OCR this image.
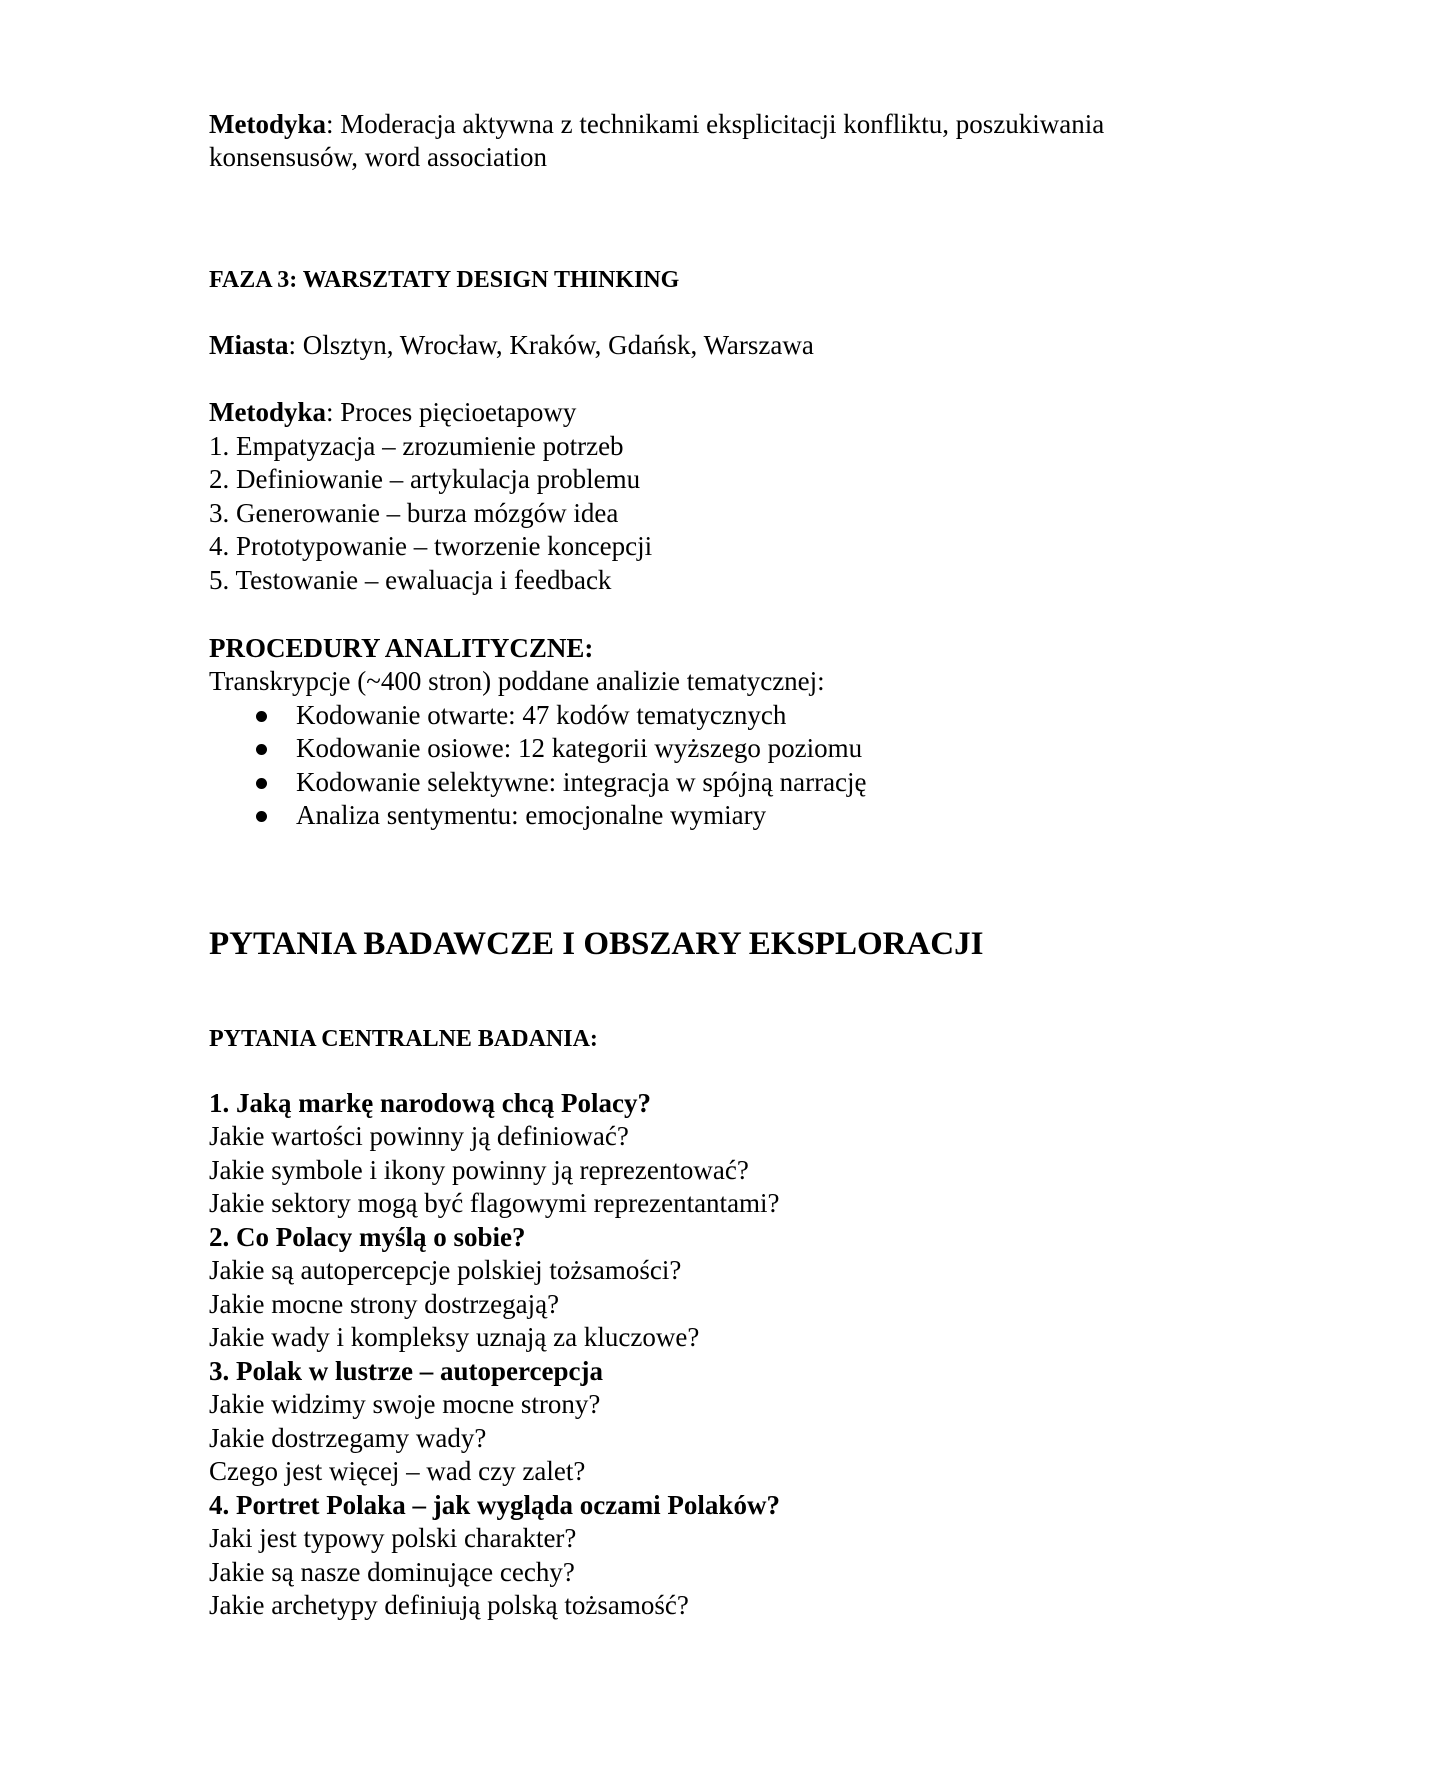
Metodyka: Moderacja aktywna z technikami eksplicitacji konfliktu, poszukiwania
konsensusów, word association
FAZA 3: WARSZTATY DESIGN THINKING
Miasta: Olsztyn, Wrocław, Kraków, Gdańsk, Warszawa
Metodyka: Proces pięcioetapowy
1. Empatyzacja – zrozumienie potrzeb
2. Definiowanie – artykulacja problemu
3. Generowanie – burza mózgów idea
4. Prototypowanie – tworzenie koncepcji
5. Testowanie – ewaluacja i feedback
PROCEDURY ANALITYCZNE:
Transkrypcje (~400 stron) poddane analizie tematycznej:
Kodowanie otwarte: 47 kodów tematycznych
Kodowanie osiowe: 12 kategorii wyższego poziomu
Kodowanie selektywne: integracja w spójną narrację
Analiza sentymentu: emocjonalne wymiary
PYTANIA BADAWCZE I OBSZARY EKSPLORACJI
PYTANIA CENTRALNE BADANIA:
1. Jaką markę narodową chcą Polacy?
Jakie wartości powinny ją definiować?
Jakie symbole i ikony powinny ją reprezentować?
Jakie sektory mogą być flagowymi reprezentantami?
2. Co Polacy myślą o sobie?
Jakie są autopercepcje polskiej tożsamości?
Jakie mocne strony dostrzegają?
Jakie wady i kompleksy uznają za kluczowe?
3. Polak w lustrze – autopercepcja
Jakie widzimy swoje mocne strony?
Jakie dostrzegamy wady?
Czego jest więcej – wad czy zalet?
4. Portret Polaka – jak wygląda oczami Polaków?
Jaki jest typowy polski charakter?
Jakie są nasze dominujące cechy?
Jakie archetypy definiują polską tożsamość?
